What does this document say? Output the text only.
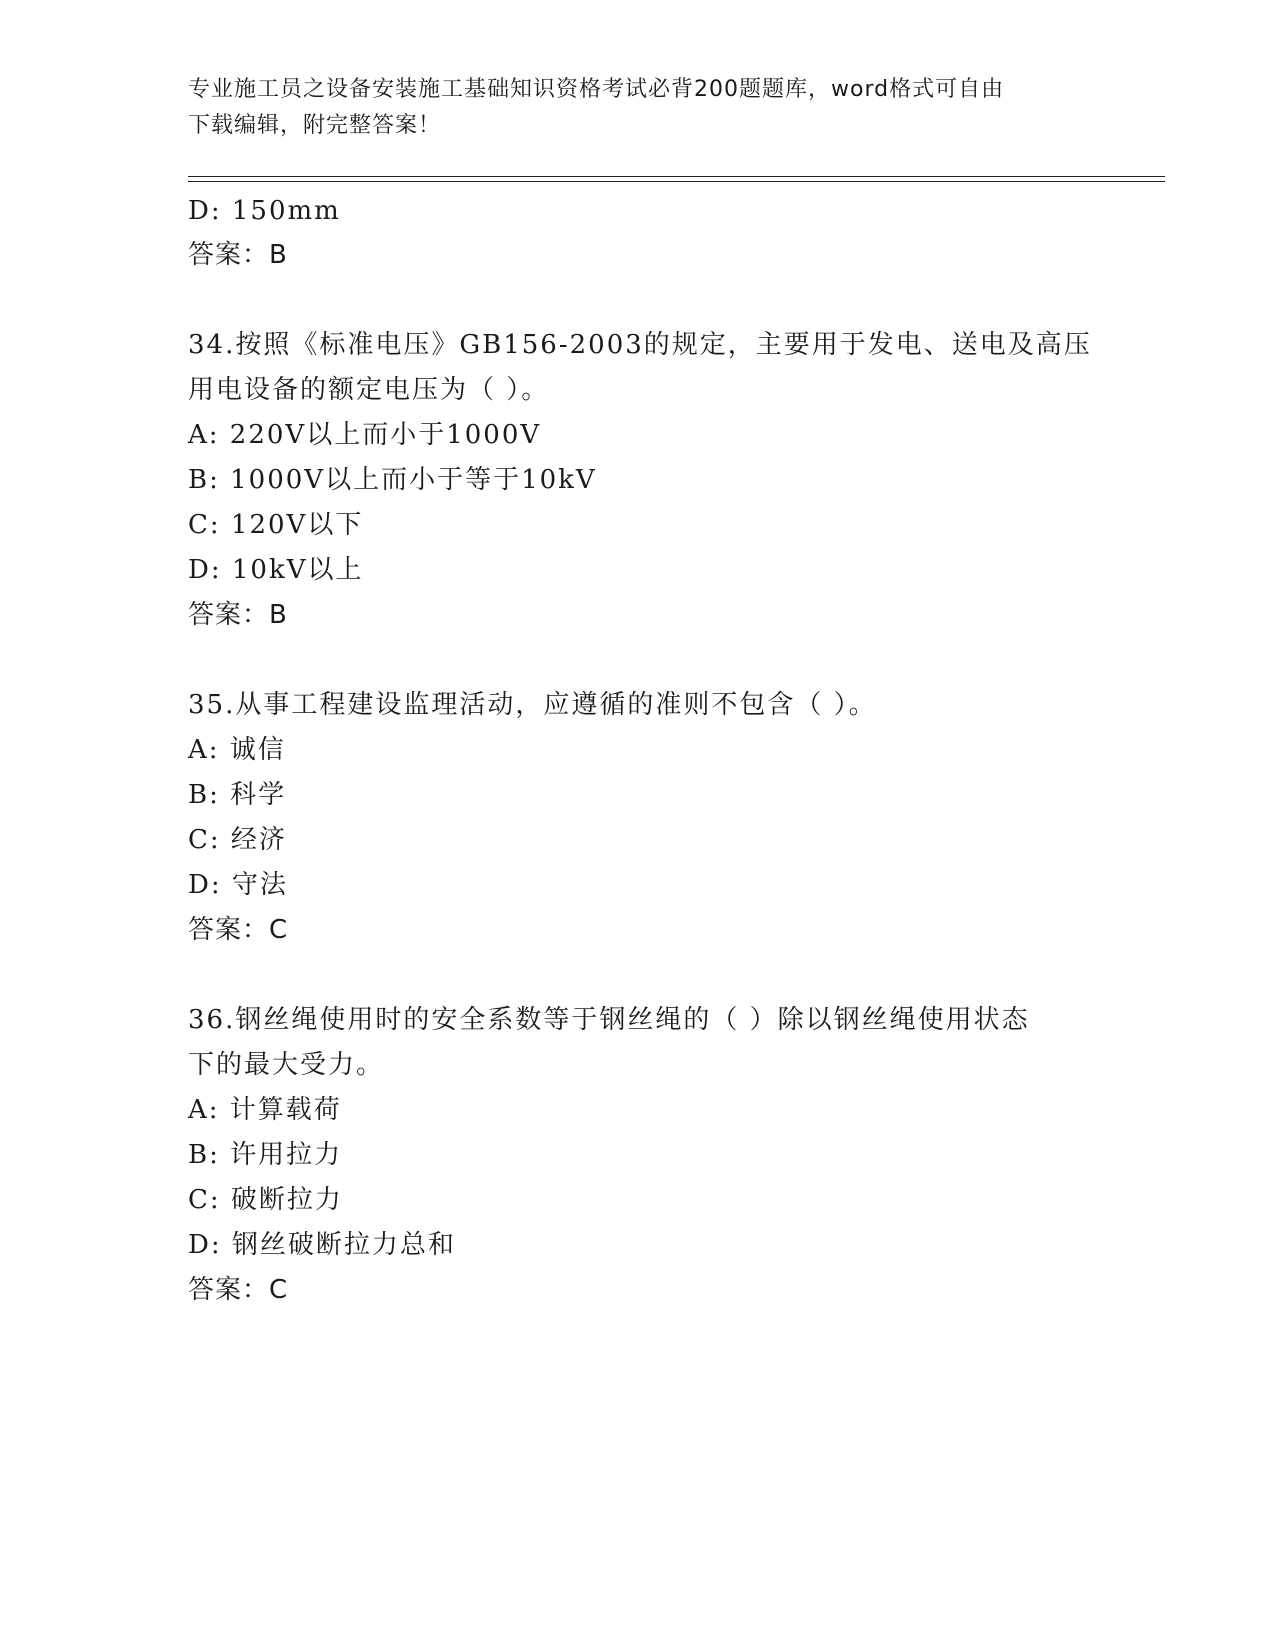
专业施工员之设备安装施工基础知识资格考试必背200题题库，word格式可自由
下载编辑，附完整答案！
D: 150mm
答案：B
34.按照《标准电压》GB156-2003的规定，主要用于发电、送电及高压
用电设备的额定电压为（ ）。
A: 220V以上而小于1000V
B: 1000V以上而小于等于10kV
C: 120V以下
D: 10kV以上
答案：B
35.从事工程建设监理活动，应遵循的准则不包含（ ）。
A: 诚信
B: 科学
C: 经济
D: 守法
答案：C
36.钢丝绳使用时的安全系数等于钢丝绳的（ ）除以钢丝绳使用状态
下的最大受力。
A: 计算载荷
B: 许用拉力
C: 破断拉力
D: 钢丝破断拉力总和
答案：C
